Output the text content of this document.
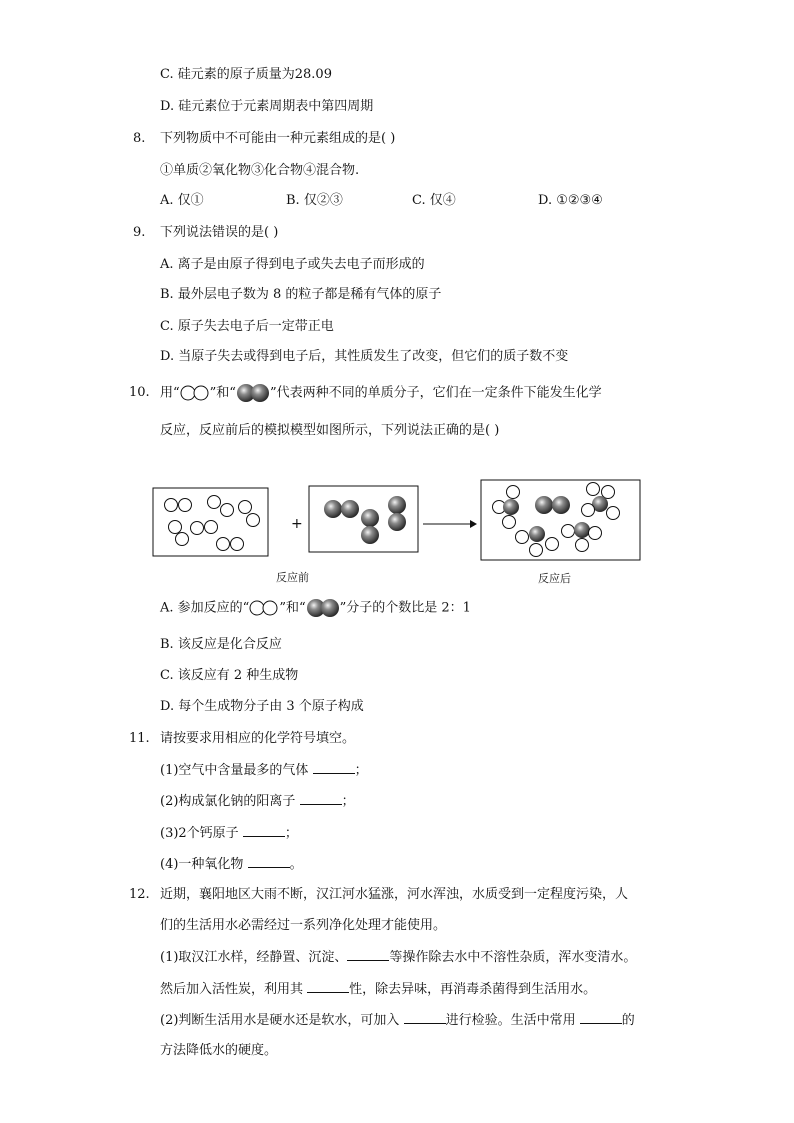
C. 硅元素的原子质量为28.09
D. 硅元素位于元素周期表中第四周期
8. 下列物质中不可能由一种元素组成的是( )
①单质②氧化物③化合物④混合物.
A. 仅①	B. 仅②③	C. 仅④	D. ①②③④
9. 下列说法错误的是( )
A. 离子是由原子得到电子或失去电子而形成的
B. 最外层电子数为 8 的粒子都是稀有气体的原子
C. 原子失去电子后一定带正电
D. 当原子失去或得到电子后，其性质发生了改变，但它们的质子数不变
10. 用“ ”和“	”代表两种不同的单质分子，它们在一定条件下能发生化学
反应，反应前后的模拟模型如图所示，下列说法正确的是( )
+
反应前	反应后
A. 参加反应的“ ”和“	”分子的个数比是 2：1
B. 该反应是化合反应
C. 该反应有 2 种生成物
D. 每个生成物分子由 3 个原子构成
11. 请按要求用相应的化学符号填空。
(1)空气中含量最多的气体	；
(2)构成氯化钠的阳离子	；
(3)2个钙原子	；
(4)一种氧化物	。
12. 近期，襄阳地区大雨不断，汉江河水猛涨，河水浑浊，水质受到一定程度污染，人
们的生活用水必需经过一系列净化处理才能使用。
(1)取汉江水样，经静置、沉淀、	等操作除去水中不溶性杂质，浑水变清水。
然后加入活性炭，利用其	性，除去异味，再消毒杀菌得到生活用水。
(2)判断生活用水是硬水还是软水，可加入	进行检验。生活中常用	的
方法降低水的硬度。
